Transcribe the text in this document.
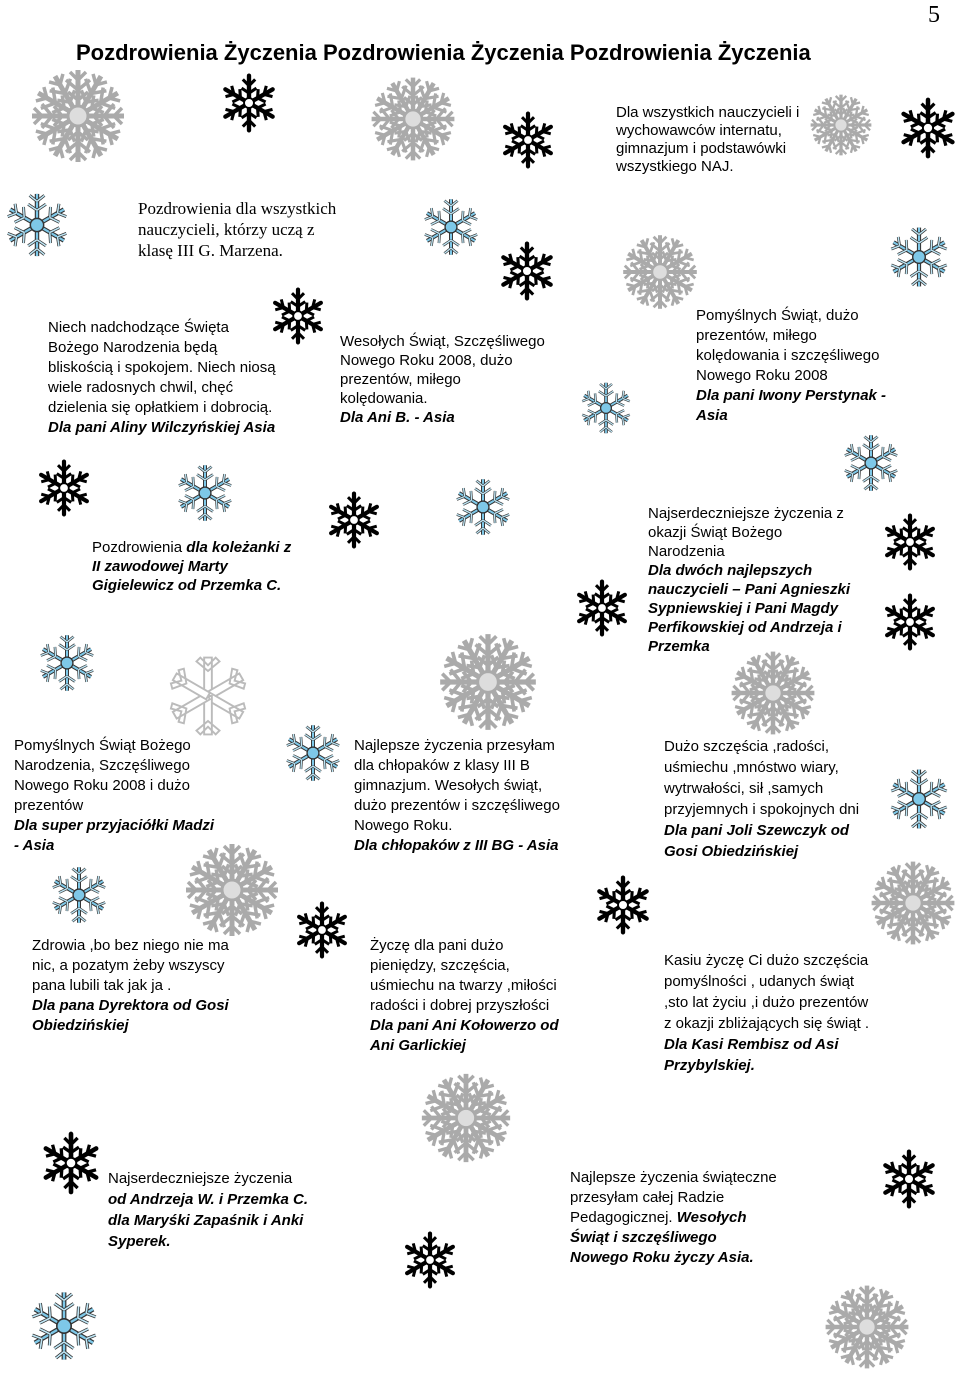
5
Pozdrowienia Życzenia Pozdrowienia Życzenia Pozdrowienia Życzenia
Dla wszystkich nauczycieli i
wychowawców internatu,
gimnazjum i podstawówki
wszystkiego NAJ.
Pozdrowienia dla wszystkich
nauczycieli, którzy uczą z
klasę III G. Marzena.
Niech nadchodzące Święta
Bożego Narodzenia będą
bliskością i spokojem. Niech niosą
wiele radosnych chwil, chęć
dzielenia się opłatkiem i dobrocią.
Dla pani Aliny Wilczyńskiej Asia
Wesołych Świąt, Szczęśliwego
Nowego Roku 2008, dużo
prezentów, miłego
kolędowania.
Dla Ani B. - Asia
Pomyślnych Świąt, dużo
prezentów, miłego
kolędowania i szczęśliwego
Nowego Roku 2008
Dla pani Iwony Perstynak -
Asia
Pozdrowienia dla koleżanki z
II zawodowej Marty
Gigielewicz od Przemka C.
Najserdeczniejsze życzenia z
okazji Świąt Bożego
Narodzenia
Dla dwóch najlepszych
nauczycieli – Pani Agnieszki
Sypniewskiej i Pani Magdy
Perfikowskiej od Andrzeja i
Przemka
Pomyślnych Świąt Bożego
Narodzenia, Szczęśliwego
Nowego Roku 2008 i dużo
prezentów
Dla super przyjaciółki Madzi
- Asia
Najlepsze życzenia przesyłam
dla chłopaków z klasy III B
gimnazjum. Wesołych świąt,
dużo prezentów i szczęśliwego
Nowego Roku.
Dla chłopaków z III BG - Asia
Dużo szczęścia ,radości,
uśmiechu ,mnóstwo wiary,
wytrwałości, sił ,samych
przyjemnych i spokojnych dni
Dla pani Joli Szewczyk od
Gosi Obiedzińskiej
Zdrowia ,bo bez niego nie ma
nic, a pozatym żeby wszyscy
pana lubili tak jak ja .
Dla pana Dyrektora od Gosi
Obiedzińskiej
Życzę dla pani dużo
pieniędzy, szczęścia,
uśmiechu na twarzy ,miłości
radości i dobrej przyszłości
Dla pani Ani Kołowerzo od
Ani Garlickiej
Kasiu życzę Ci dużo szczęścia
pomyślności , udanych świąt
,sto lat życiu ,i dużo prezentów
z okazji zbliżających się świąt .
Dla Kasi Rembisz od Asi
Przybylskiej.
Najserdeczniejsze życzenia
od Andrzeja W. i Przemka C.
dla Maryśki Zapaśnik i Anki
Syperek.
Najlepsze życzenia świąteczne
przesyłam całej Radzie
Pedagogicznej. Wesołych
Świąt i szczęśliwego
Nowego Roku życzy Asia.
